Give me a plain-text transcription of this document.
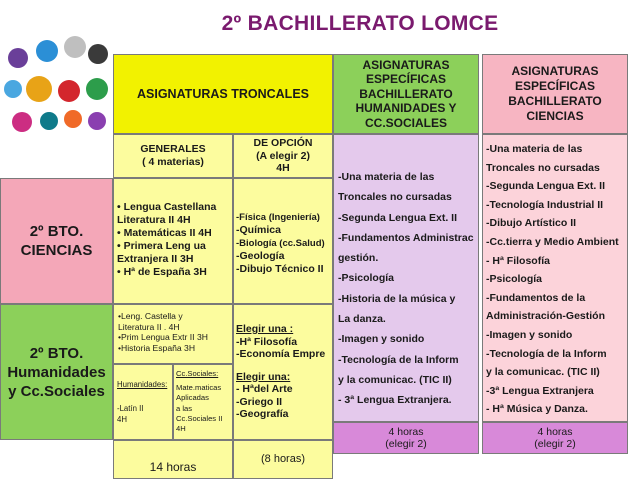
2º BACHILLERATO LOMCE
ASIGNATURAS TRONCALES
ASIGNATURAS
ESPECÍFICAS
BACHILLERATO
HUMANIDADES Y
CC.SOCIALES
ASIGNATURAS
ESPECÍFICAS
BACHILLERATO
CIENCIAS
GENERALES
( 4 materias)
DE OPCIÓN
(A elegir 2)
4H
2º BTO.
CIENCIAS
2º BTO.
Humanidades
y Cc.Sociales
• Lengua Castellana
Literatura II 4H
• Matemáticas II 4H
• Primera Leng ua
Extranjera II 3H
• Hª de España 3H
-Física (Ingeniería)
-Química
-Biología (cc.Salud)
-Geología
-Dibujo Técnico II
•Leng. Castella y
Literatura II . 4H
•Prim Lengua Extr II 3H
•Historia España 3H
Humanidades:
-Latín II
4H
Cc.Sociales:
Mate.maticas
Aplicadas
a las
Cc.Sociales II
4H
Elegir una :
-Hª Filosofía
-Economía Empre
Elegir una:
- Hªdel Arte
-Griego II
-Geografía
-Una materia de las
Troncales no cursadas
-Segunda Lengua Ext. II
-Fundamentos Administrac
gestión.
-Psicología
-Historia de la música y
La danza.
-Imagen y sonido
-Tecnología de la Inform
y la comunicac. (TIC II)
- 3ª Lengua Extranjera.
-Una materia de las
Troncales no cursadas
-Segunda Lengua Ext. II
-Tecnología Industrial II
-Dibujo Artístico II
-Cc.tierra y Medio Ambient
- Hª Filosofía
-Psicología
-Fundamentos de la
Administración-Gestión
-Imagen y sonido
-Tecnología de la Inform
y la comunicac. (TIC II)
-3ª Lengua Extranjera
- Hª Música y Danza.
14 horas
(8 horas)
4 horas
(elegir 2)
4 horas
(elegir 2)
